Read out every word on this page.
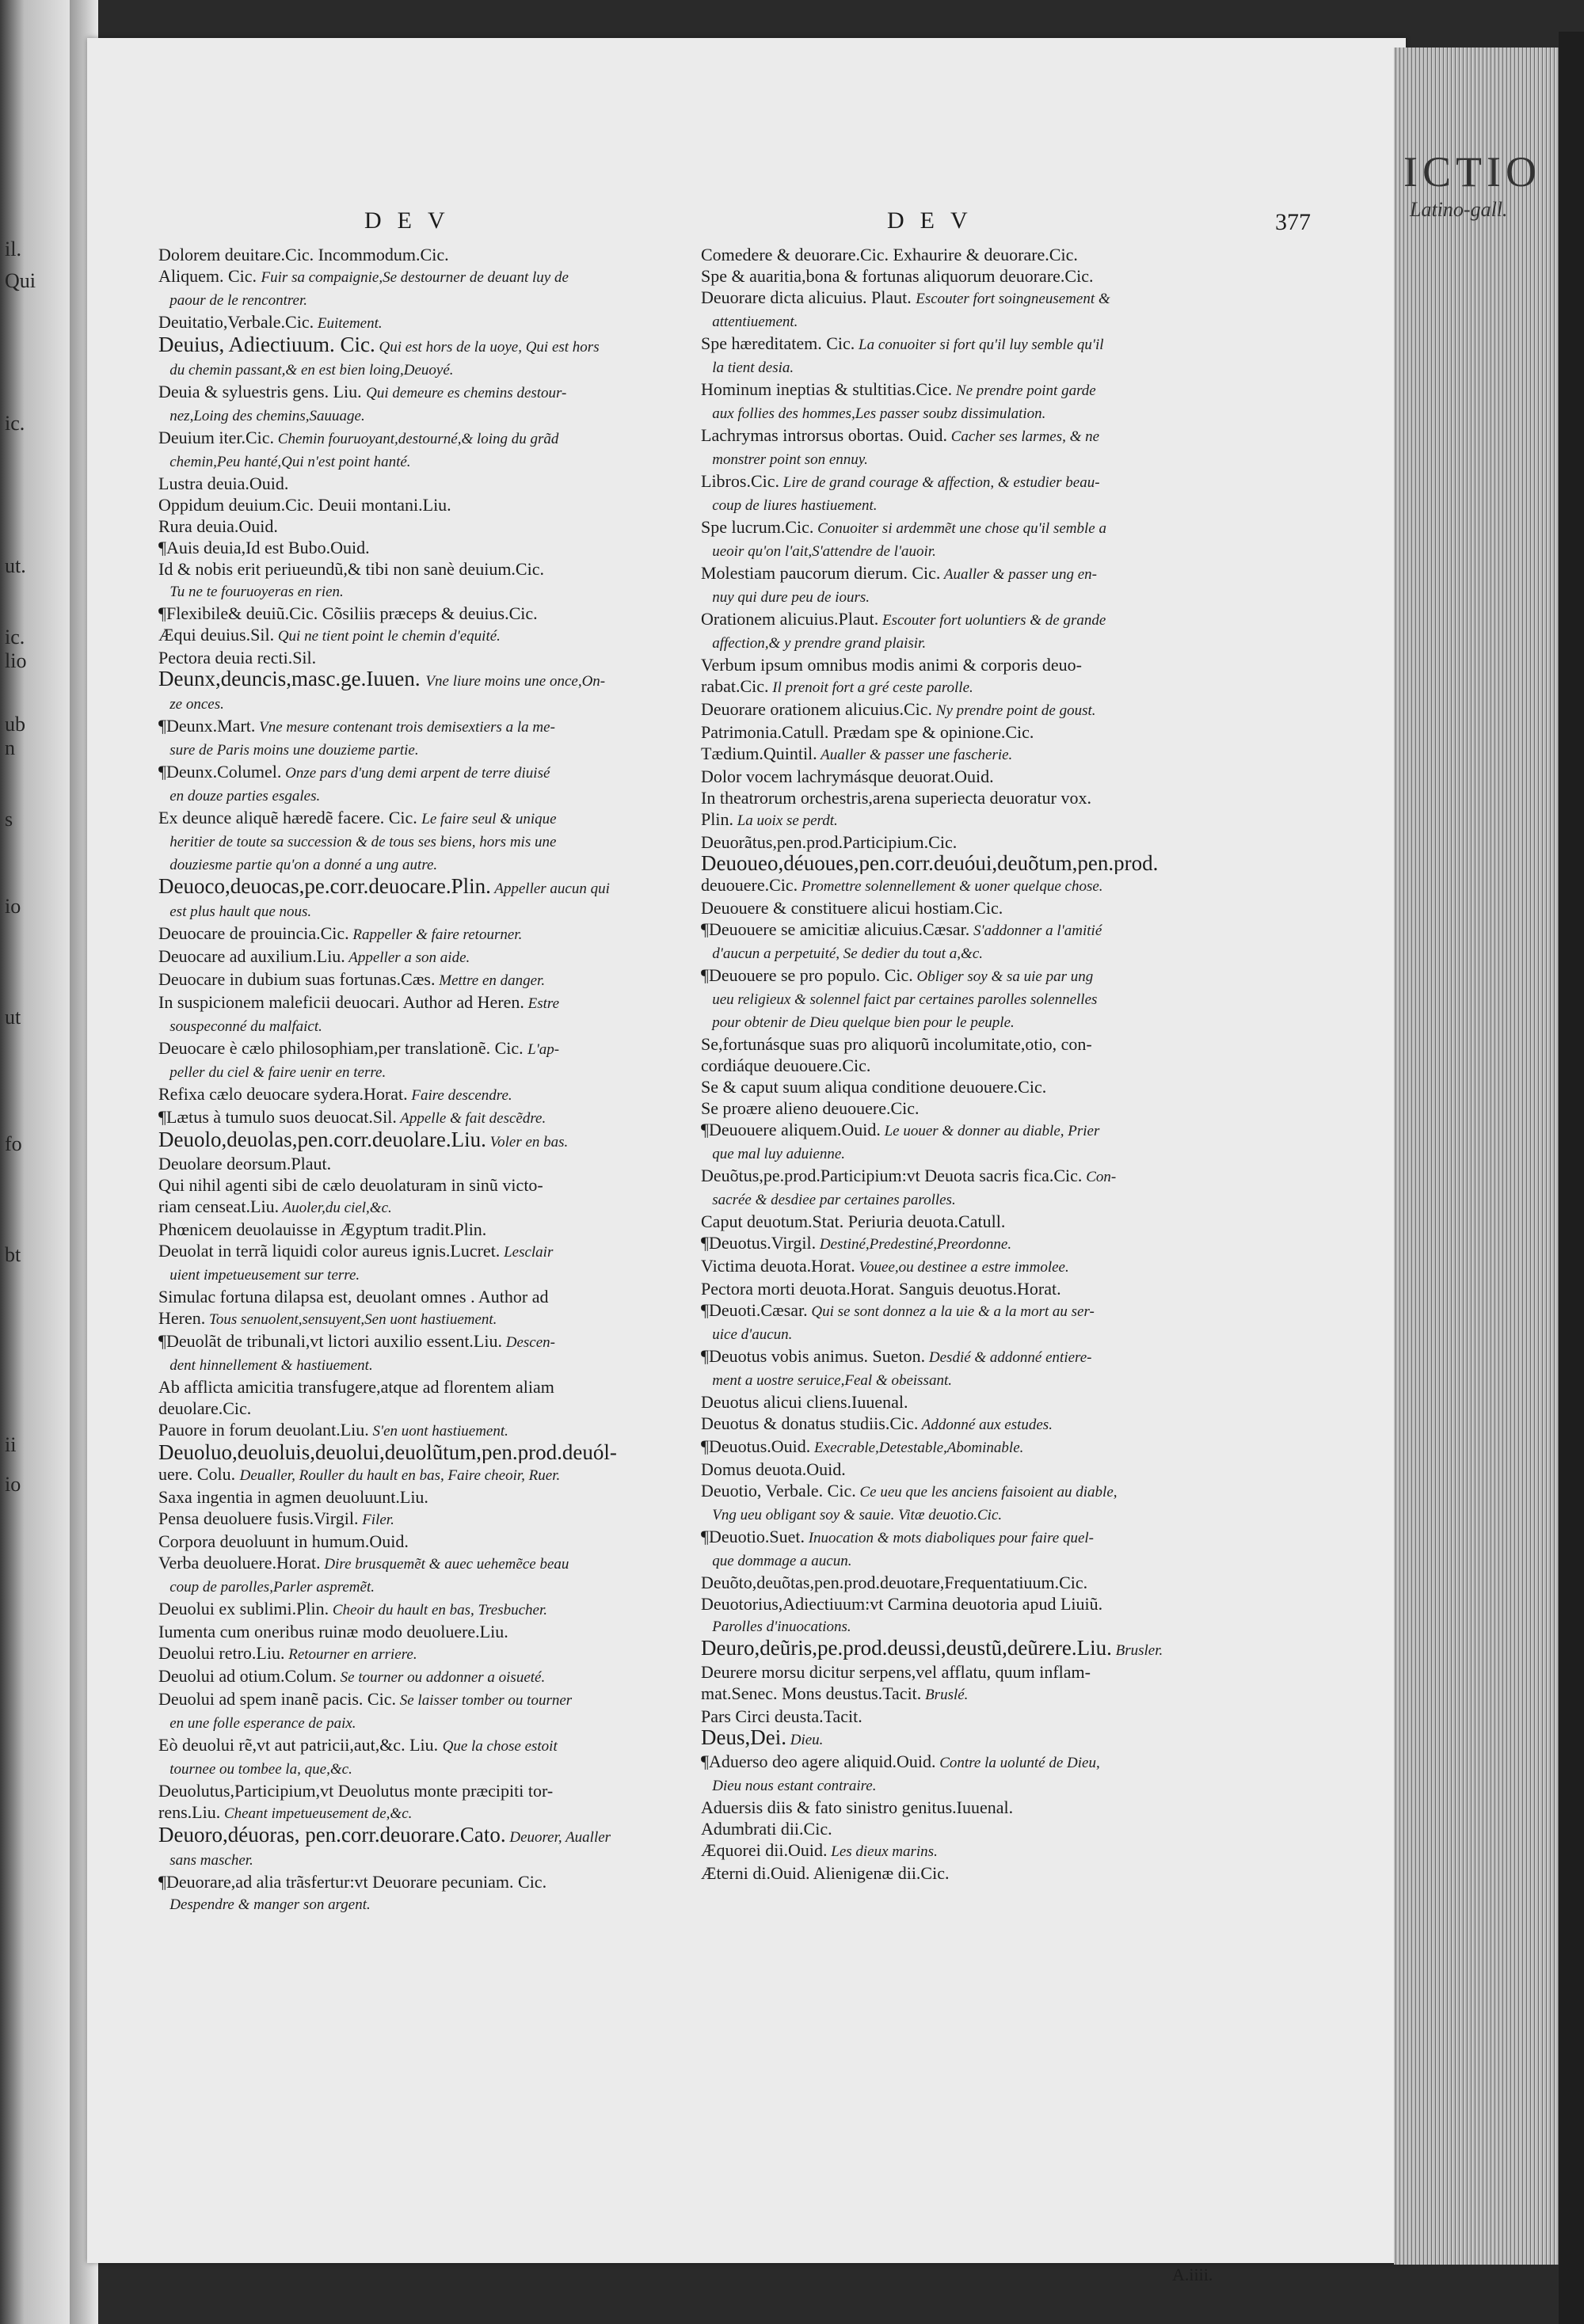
il.
Qui
ic.
ut.
ic.
lio
ub
n
s
io
ut
fo
bt
ii
io
ICTIO
Latino-gall.
DEV	DEV	377

Dolorem deuitare.Cic. Incommodum.Cic.

Aliquem. Cic. Fuir sa compaignie,Se destourner de deuant luy de

paour de le rencontrer.

Deuitatio,Verbale.Cic. Euitement.

Deuius, Adiectiuum. Cic. Qui est hors de la uoye, Qui est hors

du chemin passant,& en est bien loing,Deuoyé.

Deuia & syluestris gens. Liu. Qui demeure es chemins destour-

nez,Loing des chemins,Sauuage.

Deuium iter.Cic. Chemin fouruoyant,destourné,& loing du grãd

chemin,Peu hanté,Qui n'est point hanté.

Lustra deuia.Ouid.

Oppidum deuium.Cic. Deuii montani.Liu.

Rura deuia.Ouid.

¶Auis deuia,Id est Bubo.Ouid.

Id & nobis erit periueundũ,& tibi non sanè deuium.Cic.

Tu ne te fouruoyeras en rien.

¶Flexibile& deuiũ.Cic. Cõsiliis præceps & deuius.Cic.

Æqui deuius.Sil. Qui ne tient point le chemin d'equité.

Pectora deuia recti.Sil.

Deunx,deuncis,masc.ge.Iuuen. Vne liure moins une once,On-

ze onces.

¶Deunx.Mart. Vne mesure contenant trois demisextiers a la me-

sure de Paris moins une douzieme partie.

¶Deunx.Columel. Onze pars d'ung demi arpent de terre diuisé

en douze parties esgales.

Ex deunce aliquẽ hæredẽ facere. Cic. Le faire seul & unique

heritier de toute sa succession & de tous ses biens, hors mis une

douziesme partie qu'on a donné a ung autre.

Deuoco,deuocas,pe.corr.deuocare.Plin. Appeller aucun qui

est plus hault que nous.

Deuocare de prouincia.Cic. Rappeller & faire retourner.

Deuocare ad auxilium.Liu. Appeller a son aide.

Deuocare in dubium suas fortunas.Cæs. Mettre en danger.

In suspicionem maleficii deuocari. Author ad Heren. Estre

souspeconné du malfaict.

Deuocare è cælo philosophiam,per translationẽ. Cic. L'ap-

peller du ciel & faire uenir en terre.

Refixa cælo deuocare sydera.Horat. Faire descendre.

¶Lætus à tumulo suos deuocat.Sil. Appelle & fait descẽdre.

Deuolo,deuolas,pen.corr.deuolare.Liu. Voler en bas.

Deuolare deorsum.Plaut.

Qui nihil agenti sibi de cælo deuolaturam in sinũ victo-

riam censeat.Liu. Auoler,du ciel,&c.

Phœnicem deuolauisse in Ægyptum tradit.Plin.

Deuolat in terrã liquidi color aureus ignis.Lucret. Lesclair

uient impetueusement sur terre.

Simulac fortuna dilapsa est, deuolant omnes . Author ad

Heren. Tous senuolent,sensuyent,Sen uont hastiuement.

¶Deuolãt de tribunali,vt lictori auxilio essent.Liu. Descen-

dent hinnellement & hastiuement.

Ab afflicta amicitia transfugere,atque ad florentem aliam

deuolare.Cic.

Pauore in forum deuolant.Liu. S'en uont hastiuement.

Deuoluo,deuoluis,deuolui,deuolũtum,pen.prod.deuól-

uere. Colu. Deualler, Rouller du hault en bas, Faire cheoir, Ruer.

Saxa ingentia in agmen deuoluunt.Liu.

Pensa deuoluere fusis.Virgil. Filer.

Corpora deuoluunt in humum.Ouid.

Verba deuoluere.Horat. Dire brusquemẽt & auec uehemẽce beau

coup de parolles,Parler aspremẽt.

Deuolui ex sublimi.Plin. Cheoir du hault en bas, Tresbucher.

Iumenta cum oneribus ruinæ modo deuoluere.Liu.

Deuolui retro.Liu. Retourner en arriere.

Deuolui ad otium.Colum. Se tourner ou addonner a oisueté.

Deuolui ad spem inanẽ pacis. Cic. Se laisser tomber ou tourner

en une folle esperance de paix.

Eò deuolui rẽ,vt aut patricii,aut,&c. Liu. Que la chose estoit

tournee ou tombee la, que,&c.

Deuolutus,Participium,vt Deuolutus monte præcipiti tor-

rens.Liu. Cheant impetueusement de,&c.

Deuoro,déuoras, pen.corr.deuorare.Cato. Deuorer, Aualler

sans mascher.

¶Deuorare,ad alia trãsfertur:vt Deuorare pecuniam. Cic.

Despendre & manger son argent.

Comedere & deuorare.Cic. Exhaurire & deuorare.Cic.

Spe & auaritia,bona & fortunas aliquorum deuorare.Cic.

Deuorare dicta alicuius. Plaut. Escouter fort soingneusement &

attentiuement.

Spe hæreditatem. Cic. La conuoiter si fort qu'il luy semble qu'il

la tient desia.

Hominum ineptias & stultitias.Cice. Ne prendre point garde

aux follies des hommes,Les passer soubz dissimulation.

Lachrymas introrsus obortas. Ouid. Cacher ses larmes, & ne

monstrer point son ennuy.

Libros.Cic. Lire de grand courage & affection, & estudier beau-

coup de liures hastiuement.

Spe lucrum.Cic. Conuoiter si ardemmẽt une chose qu'il semble a

ueoir qu'on l'ait,S'attendre de l'auoir.

Molestiam paucorum dierum. Cic. Aualler & passer ung en-

nuy qui dure peu de iours.

Orationem alicuius.Plaut. Escouter fort uoluntiers & de grande

affection,& y prendre grand plaisir.

Verbum ipsum omnibus modis animi & corporis deuo-

rabat.Cic. Il prenoit fort a gré ceste parolle.

Deuorare orationem alicuius.Cic. Ny prendre point de goust.

Patrimonia.Catull. Prædam spe & opinione.Cic.

Tædium.Quintil. Aualler & passer une fascherie.

Dolor vocem lachrymásque deuorat.Ouid.

In theatrorum orchestris,arena superiecta deuoratur vox.

Plin. La uoix se perdt.

Deuorãtus,pen.prod.Participium.Cic.

Deuoueo,déuoues,pen.corr.deuóui,deuõtum,pen.prod.

deuouere.Cic. Promettre solennellement & uoner quelque chose.

Deuouere & constituere alicui hostiam.Cic.

¶Deuouere se amicitiæ alicuius.Cæsar. S'addonner a l'amitié

d'aucun a perpetuité, Se dedier du tout a,&c.

¶Deuouere se pro populo. Cic. Obliger soy & sa uie par ung

ueu religieux & solennel faict par certaines parolles solennelles

pour obtenir de Dieu quelque bien pour le peuple.

Se,fortunásque suas pro aliquorũ incolumitate,otio, con-

cordiáque deuouere.Cic.

Se & caput suum aliqua conditione deuouere.Cic.

Se proære alieno deuouere.Cic.

¶Deuouere aliquem.Ouid. Le uouer & donner au diable, Prier

que mal luy aduienne.

Deuõtus,pe.prod.Participium:vt Deuota sacris fica.Cic. Con-

sacrée & desdiee par certaines parolles.

Caput deuotum.Stat. Periuria deuota.Catull.

¶Deuotus.Virgil. Destiné,Predestiné,Preordonne.

Victima deuota.Horat. Vouee,ou destinee a estre immolee.

Pectora morti deuota.Horat. Sanguis deuotus.Horat.

¶Deuoti.Cæsar. Qui se sont donnez a la uie & a la mort au ser-

uice d'aucun.

¶Deuotus vobis animus. Sueton. Desdié & addonné entiere-

ment a uostre seruice,Feal & obeissant.

Deuotus alicui cliens.Iuuenal.

Deuotus & donatus studiis.Cic. Addonné aux estudes.

¶Deuotus.Ouid. Execrable,Detestable,Abominable.

Domus deuota.Ouid.

Deuotio, Verbale. Cic. Ce ueu que les anciens faisoient au diable,

Vng ueu obligant soy & sauie. Vitæ deuotio.Cic.

¶Deuotio.Suet. Inuocation & mots diaboliques pour faire quel-

que dommage a aucun.

Deuõto,deuõtas,pen.prod.deuotare,Frequentatiuum.Cic.

Deuotorius,Adiectiuum:vt Carmina deuotoria apud Liuiũ.

Parolles d'inuocations.

Deuro,deũris,pe.prod.deussi,deustũ,deũrere.Liu. Brusler.

Deurere morsu dicitur serpens,vel afflatu, quum inflam-

mat.Senec. Mons deustus.Tacit. Bruslé.

Pars Circi deusta.Tacit.

Deus,Dei. Dieu.

¶Aduerso deo agere aliquid.Ouid. Contre la uolunté de Dieu,

Dieu nous estant contraire.

Aduersis diis & fato sinistro genitus.Iuuenal.

Adumbrati dii.Cic.

Æquorei dii.Ouid. Les dieux marins.

Æterni di.Ouid. Alienigenæ dii.Cic.

A.iiii.
